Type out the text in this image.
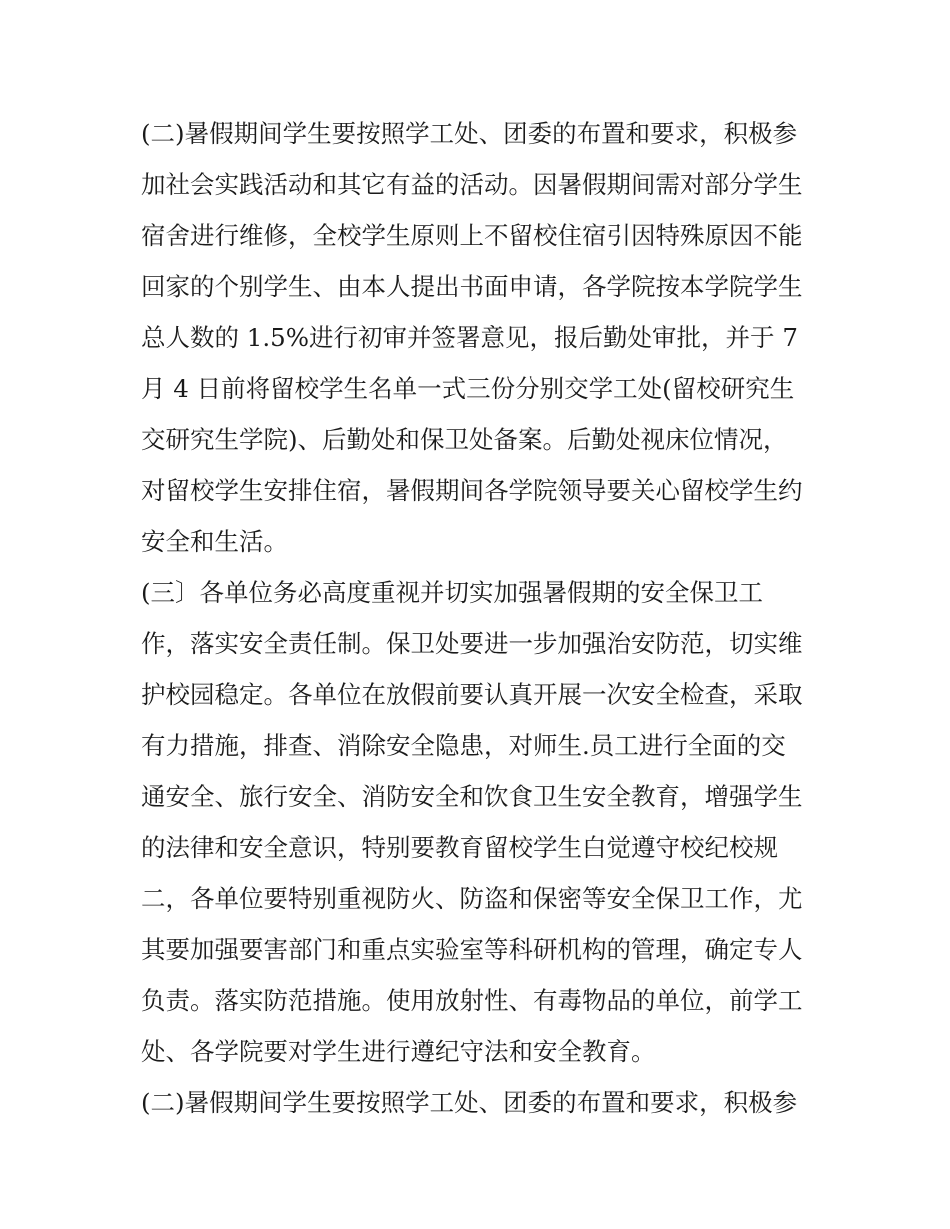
(二)暑假期间学生要按照学工处、团委的布置和要求，积极参
加社会实践活动和其它有益的活动。因暑假期间需对部分学生
宿舍进行维修，全校学生原则上不留校住宿引因特殊原因不能
回家的个别学生、由本人提出书面申请，各学院按本学院学生
总人数的 1.5%进行初审并签署意见，报后勤处审批，并于 7
月 4 日前将留校学生名单一式三份分别交学工处(留校研究生
交研究生学院)、后勤处和保卫处备案。后勤处视床位情况，
对留校学生安排住宿，暑假期间各学院领导要关心留校学生约
安全和生活。
(三〕各单位务必高度重视并切实加强暑假期的安全保卫工
作，落实安全责任制。保卫处要进一步加强治安防范，切实维
护校园稳定。各单位在放假前要认真开展一次安全检查，采取
有力措施，排查、消除安全隐患，对师生.员工进行全面的交
通安全、旅行安全、消防安全和饮食卫生安全教育，增强学生
的法律和安全意识，特别要教育留校学生白觉遵守校纪校规
二，各单位要特别重视防火、防盗和保密等安全保卫工作，尤
其要加强要害部门和重点实验室等科研机构的管理，确定专人
负责。落实防范措施。使用放射性、有毒物品的单位，前学工
处、各学院要对学生进行遵纪守法和安全教育。
(二)暑假期间学生要按照学工处、团委的布置和要求，积极参
